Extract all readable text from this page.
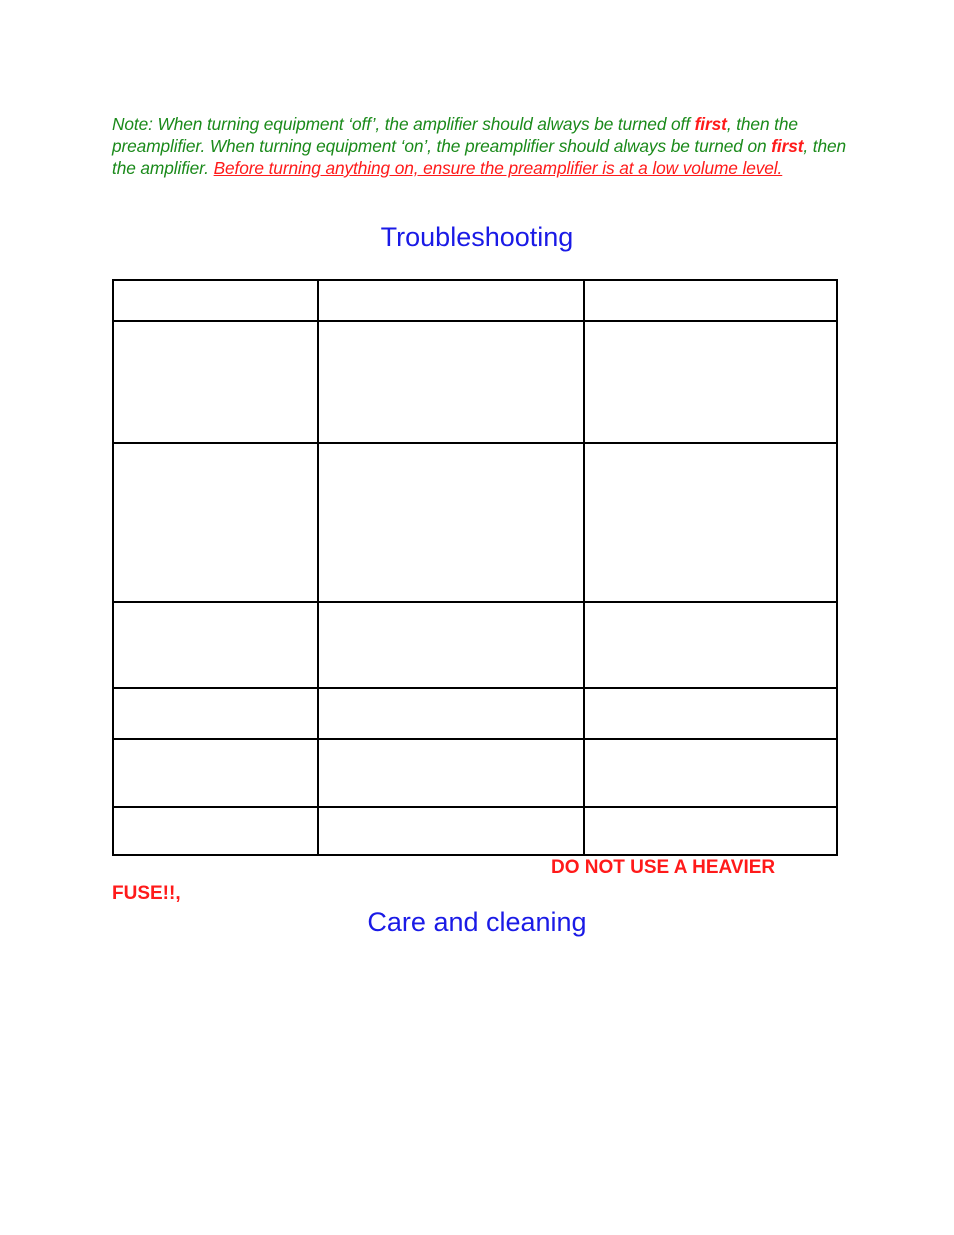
Note: When turning equipment ‘off’, the amplifier should always be turned off first, then the preamplifier. When turning equipment ‘on’, the preamplifier should always be turned on first, then the amplifier. Before turning anything on, ensure the preamplifier is at a low volume level.
Troubleshooting

DO NOT USE A HEAVIER
FUSE!!,
Care and cleaning
